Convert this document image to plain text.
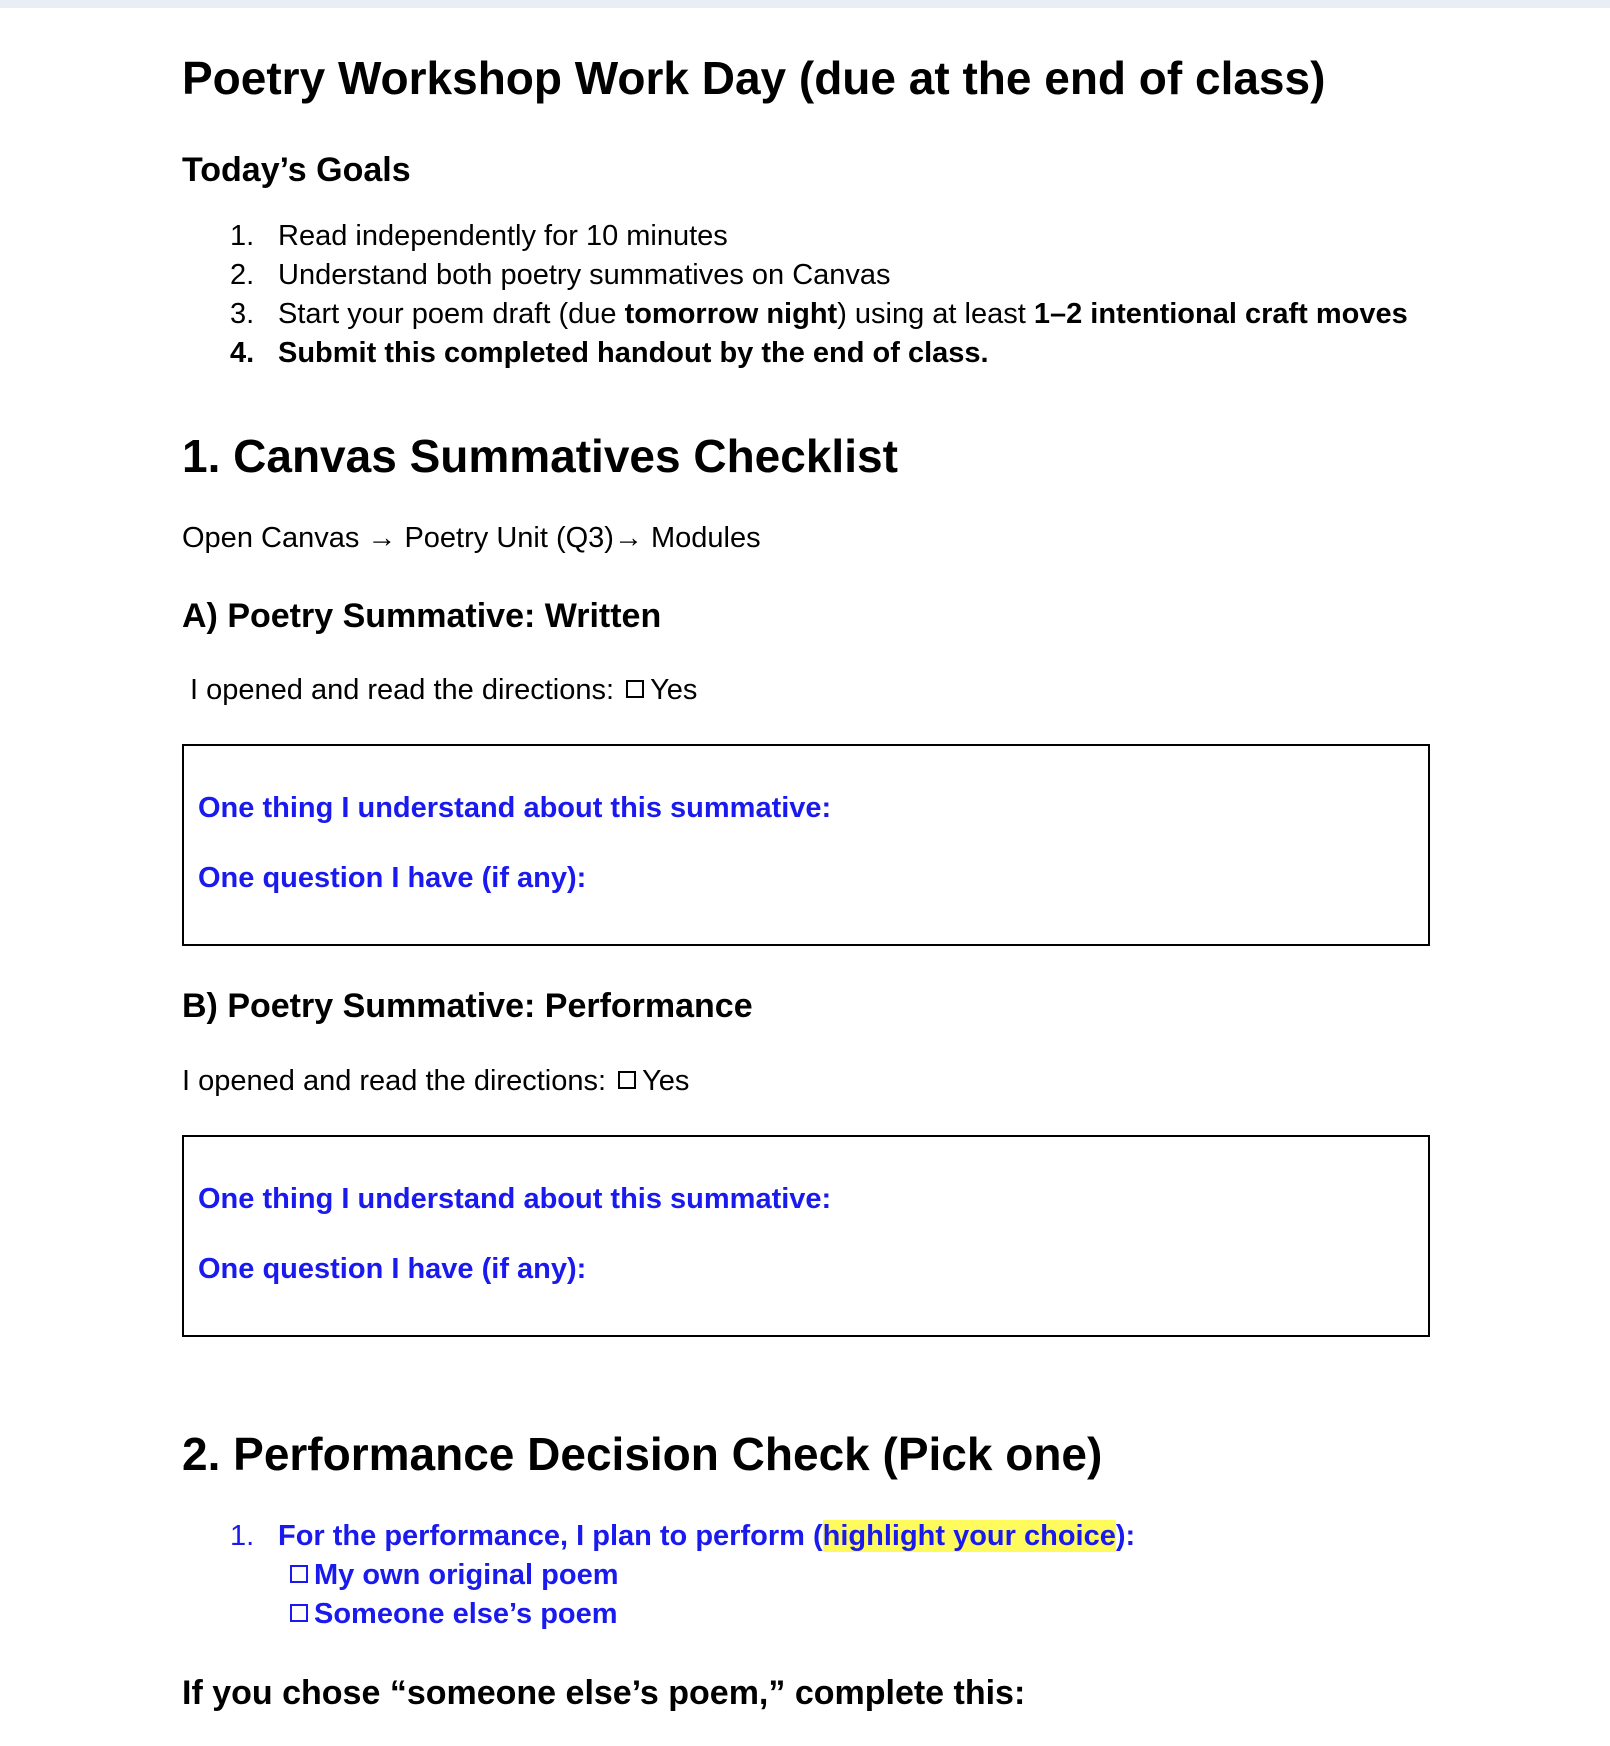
Poetry Workshop Work Day (due at the end of class)
Today’s Goals
1. Read independently for 10 minutes
2. Understand both poetry summatives on Canvas
3. Start your poem draft (due tomorrow night) using at least 1–2 intentional craft moves
4. Submit this completed handout by the end of class.
1. Canvas Summatives Checklist
Open Canvas → Poetry Unit (Q3)→ Modules
A) Poetry Summative: Written
I opened and read the directions: Yes
One thing I understand about this summative:
One question I have (if any):
B) Poetry Summative: Performance
I opened and read the directions: Yes
One thing I understand about this summative:
One question I have (if any):
2. Performance Decision Check (Pick one)
1. For the performance, I plan to perform (highlight your choice):
My own original poem
Someone else’s poem
If you chose “someone else’s poem,” complete this:
